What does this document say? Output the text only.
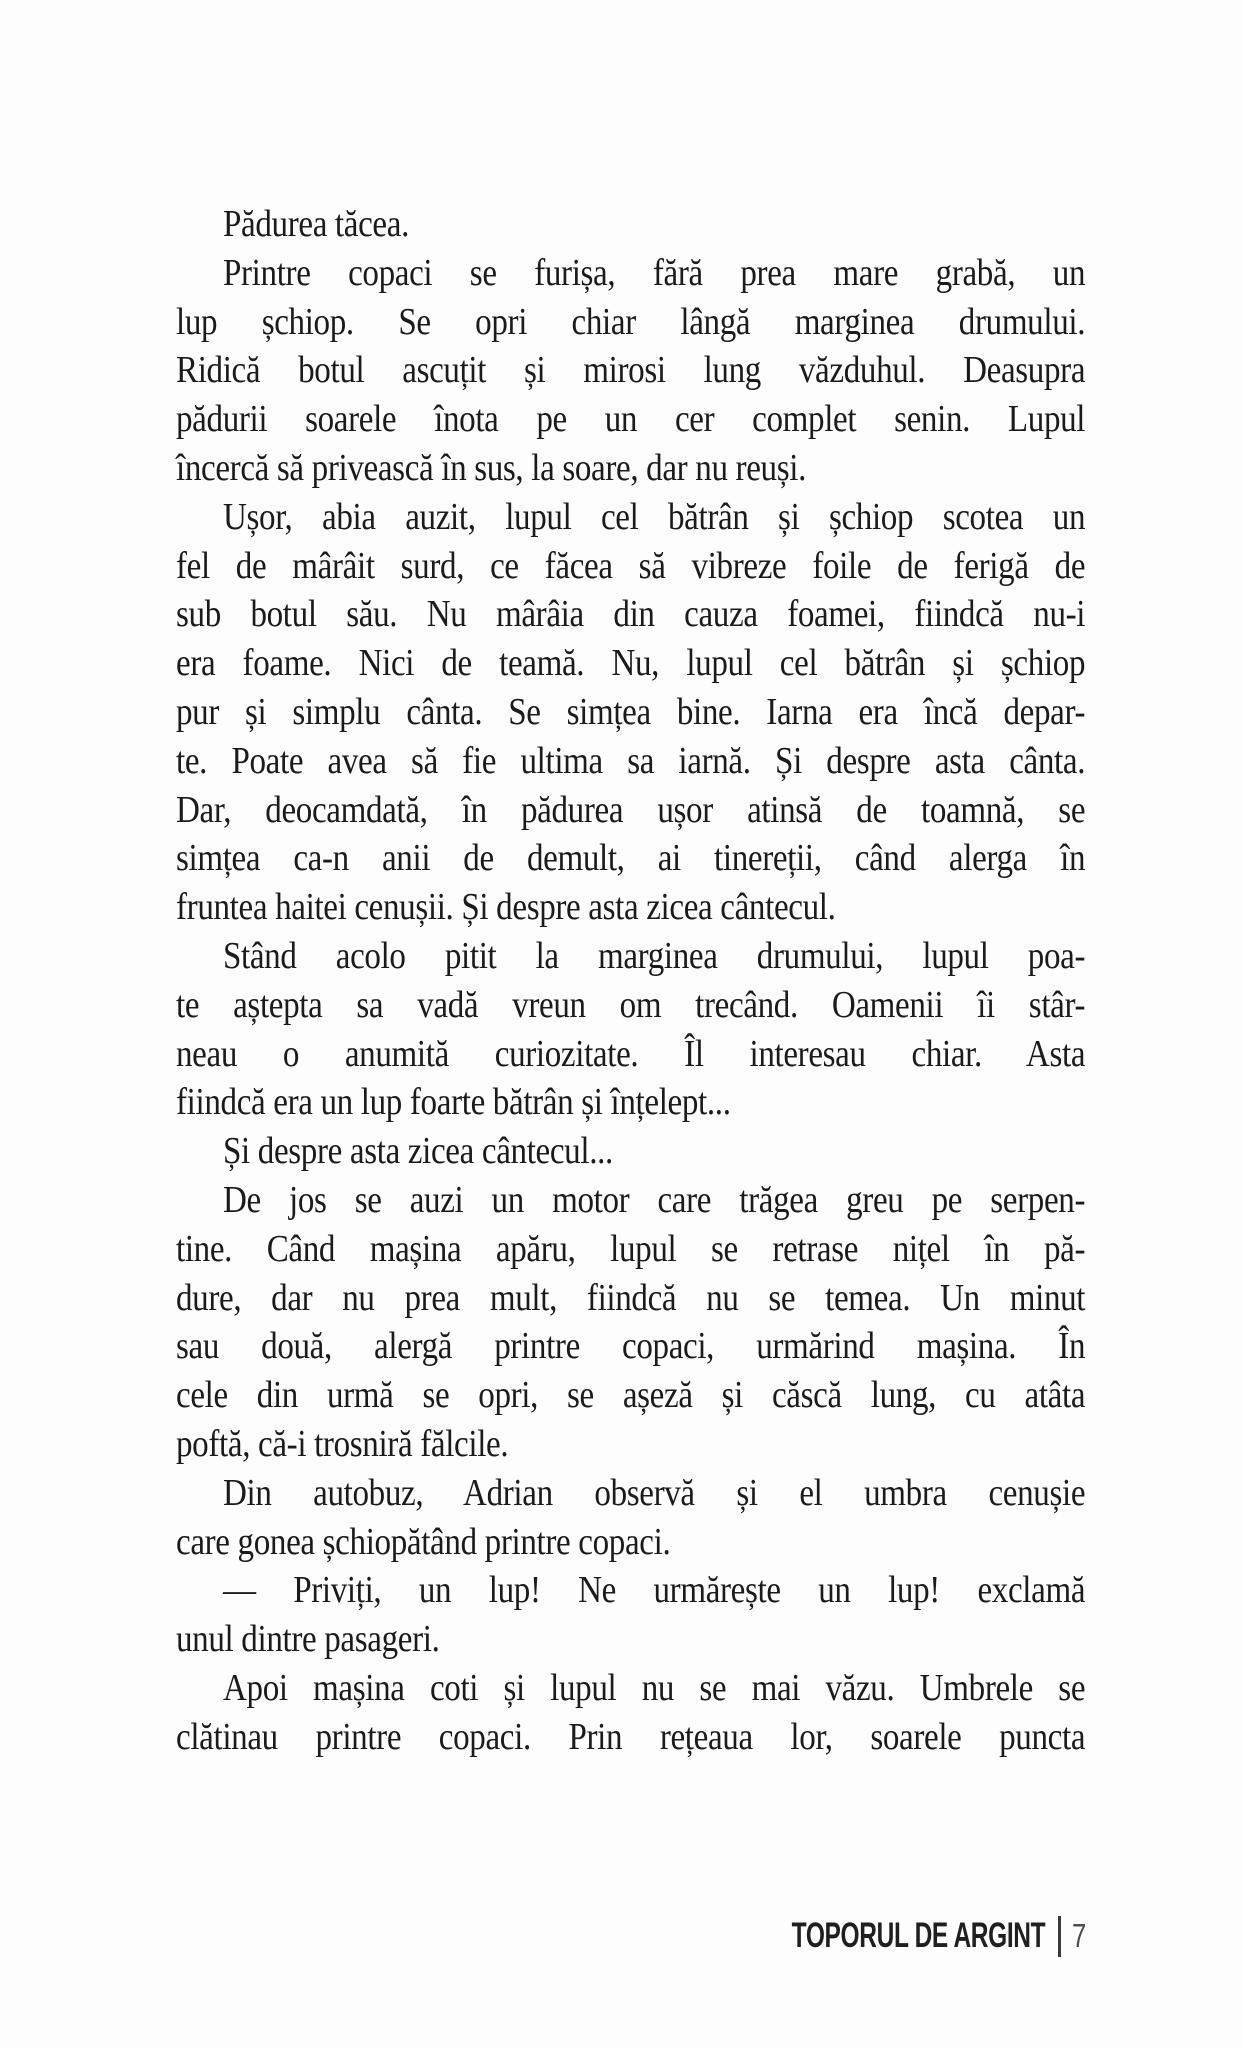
Pădurea tăcea.
Printre copaci se furișa, fără prea mare grabă, un
lup șchiop. Se opri chiar lângă marginea drumului.
Ridică botul ascuțit și mirosi lung văzduhul. Deasupra
pădurii soarele înota pe un cer complet senin. Lupul
încercă să privească în sus, la soare, dar nu reuși.
Ușor, abia auzit, lupul cel bătrân și șchiop scotea un
fel de mârâit surd, ce făcea să vibreze foile de ferigă de
sub botul său. Nu mârâia din cauza foamei, fiindcă nu-i
era foame. Nici de teamă. Nu, lupul cel bătrân și șchiop
pur și simplu cânta. Se simțea bine. Iarna era încă depar-
te. Poate avea să fie ultima sa iarnă. Și despre asta cânta.
Dar, deocamdată, în pădurea ușor atinsă de toamnă, se
simțea ca-n anii de demult, ai tinereții, când alerga în
fruntea haitei cenușii. Și despre asta zicea cântecul.
Stând acolo pitit la marginea drumului, lupul poa-
te aștepta sa vadă vreun om trecând. Oamenii îi stâr-
neau o anumită curiozitate. Îl interesau chiar. Asta
fiindcă era un lup foarte bătrân și înțelept...
Și despre asta zicea cântecul...
De jos se auzi un motor care trăgea greu pe serpen-
tine. Când mașina apăru, lupul se retrase nițel în pă-
dure, dar nu prea mult, fiindcă nu se temea. Un minut
sau două, alergă printre copaci, urmărind mașina. În
cele din urmă se opri, se așeză și căscă lung, cu atâta
poftă, că-i trosniră fălcile.
Din autobuz, Adrian observă și el umbra cenușie
care gonea șchiopătând printre copaci.
— Priviți, un lup! Ne urmărește un lup! exclamă
unul dintre pasageri.
Apoi mașina coti și lupul nu se mai văzu. Umbrele se
clătinau printre copaci. Prin rețeaua lor, soarele puncta
TOPORUL DE ARGINT 7
